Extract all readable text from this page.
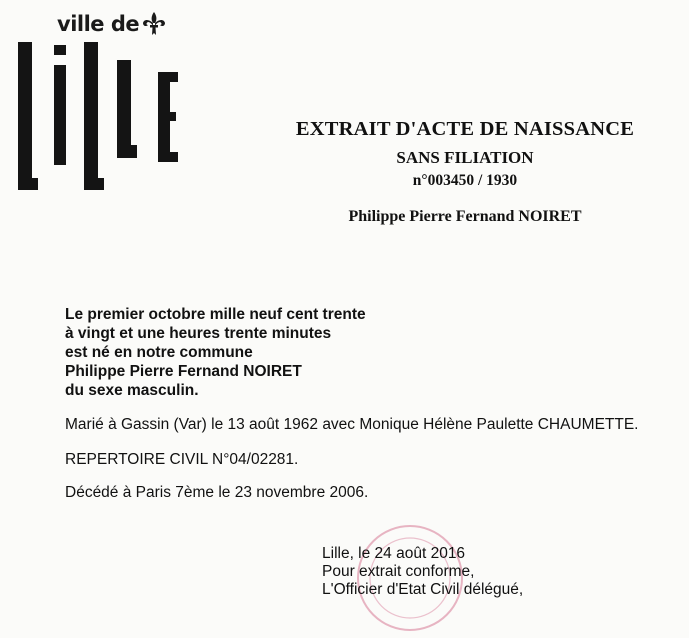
ville de
EXTRAIT D'ACTE DE NAISSANCE
SANS FILIATION
n°003450 / 1930
Philippe Pierre Fernand NOIRET
Le premier octobre mille neuf cent trente
à vingt et une heures trente minutes
est né en notre commune
Philippe Pierre Fernand NOIRET
du sexe masculin.
Marié à Gassin (Var) le 13 août 1962 avec Monique Hélène Paulette CHAUMETTE.
REPERTOIRE CIVIL N°04/02281.
Décédé à Paris 7ème le 23 novembre 2006.
Lille, le 24 août 2016
Pour extrait conforme,
L'Officier d'Etat Civil délégué,
